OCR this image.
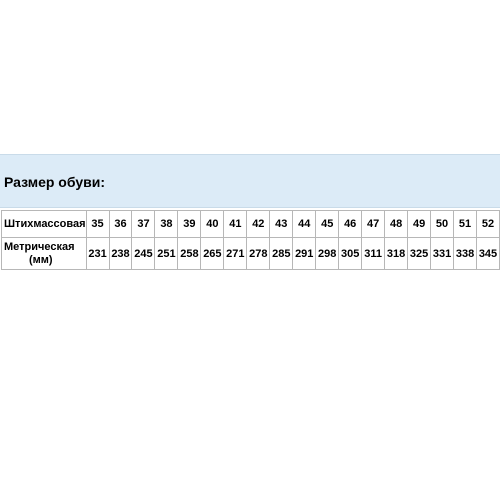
Размер обуви:
Штихмассовая	35	36	37	38	39	40	41	42	43	44	45	46	47	48	49	50	51	52

Метрическая
(мм)	231	238	245	251	258	265	271	278	285	291	298	305	311	318	325	331	338	345
